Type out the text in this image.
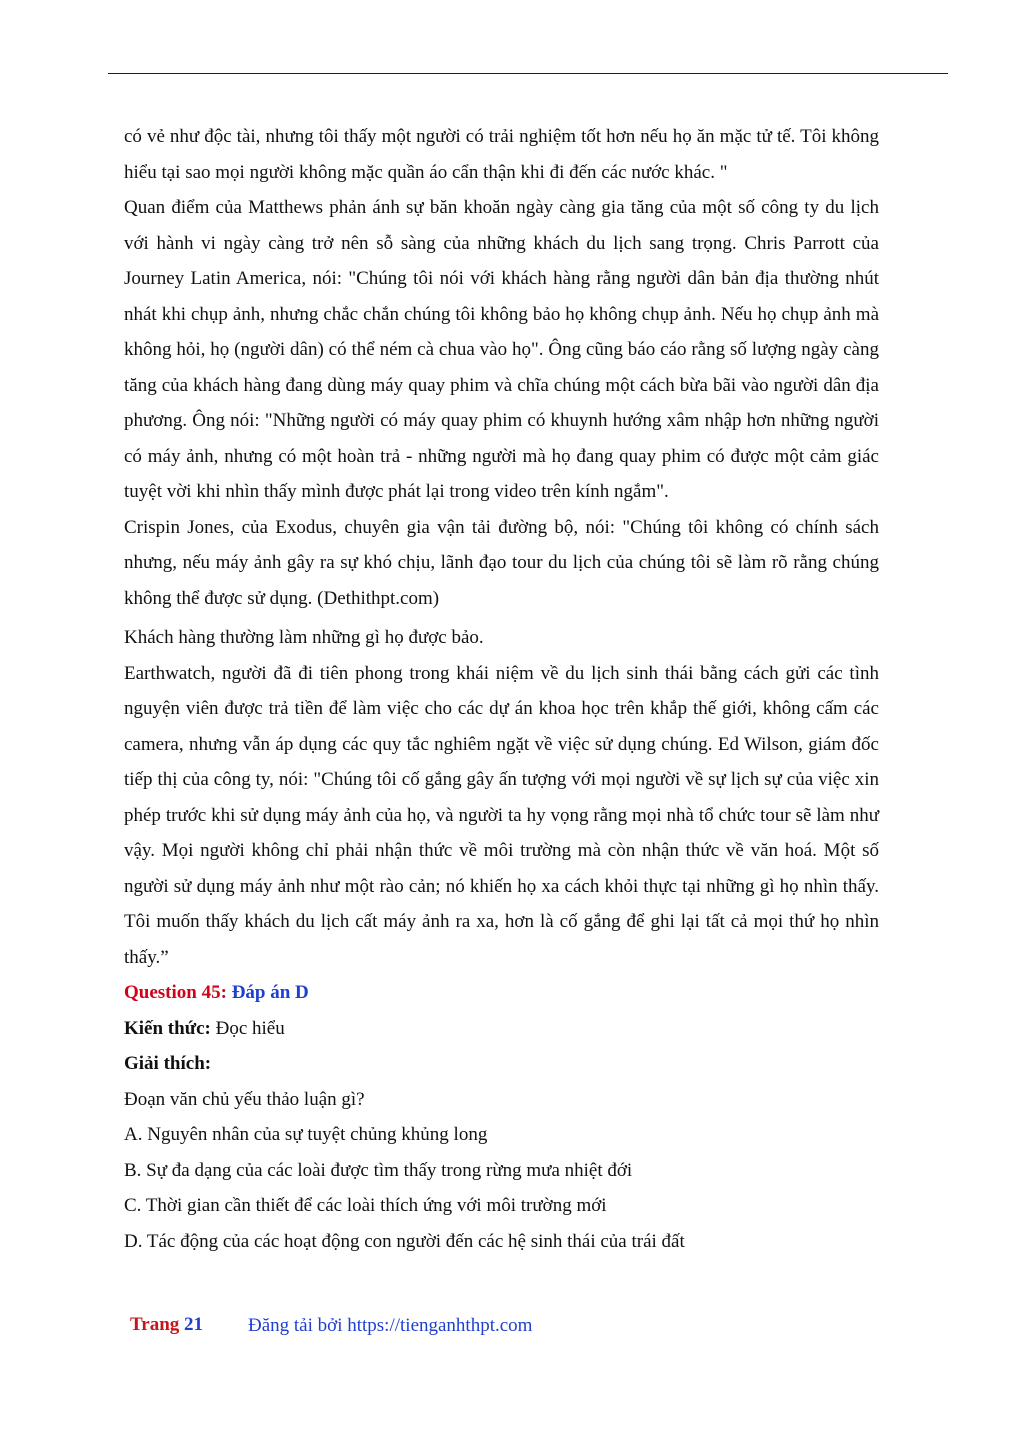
có vẻ như độc tài, nhưng tôi thấy một người có trải nghiệm tốt hơn nếu họ ăn mặc tử tế. Tôi không hiểu tại sao mọi người không mặc quần áo cẩn thận khi đi đến các nước khác. "

Quan điểm của Matthews phản ánh sự băn khoăn ngày càng gia tăng của một số công ty du lịch với hành vi ngày càng trở nên sỗ sàng của những khách du lịch sang trọng. Chris Parrott của Journey Latin America, nói: "Chúng tôi nói với khách hàng rằng người dân bản địa thường nhút nhát khi chụp ảnh, nhưng chắc chắn chúng tôi không bảo họ không chụp ảnh. Nếu họ chụp ảnh mà không hỏi, họ (người dân) có thể ném cà chua vào họ". Ông cũng báo cáo rằng số lượng ngày càng tăng của khách hàng đang dùng máy quay phim và chĩa chúng một cách bừa bãi vào người dân địa phương. Ông nói: "Những người có máy quay phim có khuynh hướng xâm nhập hơn những người có máy ảnh, nhưng có một hoàn trả - những người mà họ đang quay phim có được một cảm giác tuyệt vời khi nhìn thấy mình được phát lại trong video trên kính ngắm".

Crispin Jones, của Exodus, chuyên gia vận tải đường bộ, nói: "Chúng tôi không có chính sách nhưng, nếu máy ảnh gây ra sự khó chịu, lãnh đạo tour du lịch của chúng tôi sẽ làm rõ rằng chúng không thể được sử dụng. (Dethithpt.com)

Khách hàng thường làm những gì họ được bảo.

Earthwatch, người đã đi tiên phong trong khái niệm về du lịch sinh thái bằng cách gửi các tình nguyện viên được trả tiền để làm việc cho các dự án khoa học trên khắp thế giới, không cấm các camera, nhưng vẫn áp dụng các quy tắc nghiêm ngặt về việc sử dụng chúng. Ed Wilson, giám đốc tiếp thị của công ty, nói: "Chúng tôi cố gắng gây ấn tượng với mọi người về sự lịch sự của việc xin phép trước khi sử dụng máy ảnh của họ, và người ta hy vọng rằng mọi nhà tổ chức tour sẽ làm như vậy. Mọi người không chỉ phải nhận thức về môi trường mà còn nhận thức về văn hoá. Một số người sử dụng máy ảnh như một rào cản; nó khiến họ xa cách khỏi thực tại những gì họ nhìn thấy. Tôi muốn thấy khách du lịch cất máy ảnh ra xa, hơn là cố gắng để ghi lại tất cả mọi thứ họ nhìn thấy.”

Question 45: Đáp án D

Kiến thức: Đọc hiểu

Giải thích:

Đoạn văn chủ yếu thảo luận gì?

A. Nguyên nhân của sự tuyệt chủng khủng long

B. Sự đa dạng của các loài được tìm thấy trong rừng mưa nhiệt đới

C. Thời gian cần thiết để các loài thích ứng với môi trường mới

D. Tác động của các hoạt động con người đến các hệ sinh thái của trái đất

Trang 21 Đăng tải bởi https://tienganhthpt.com
